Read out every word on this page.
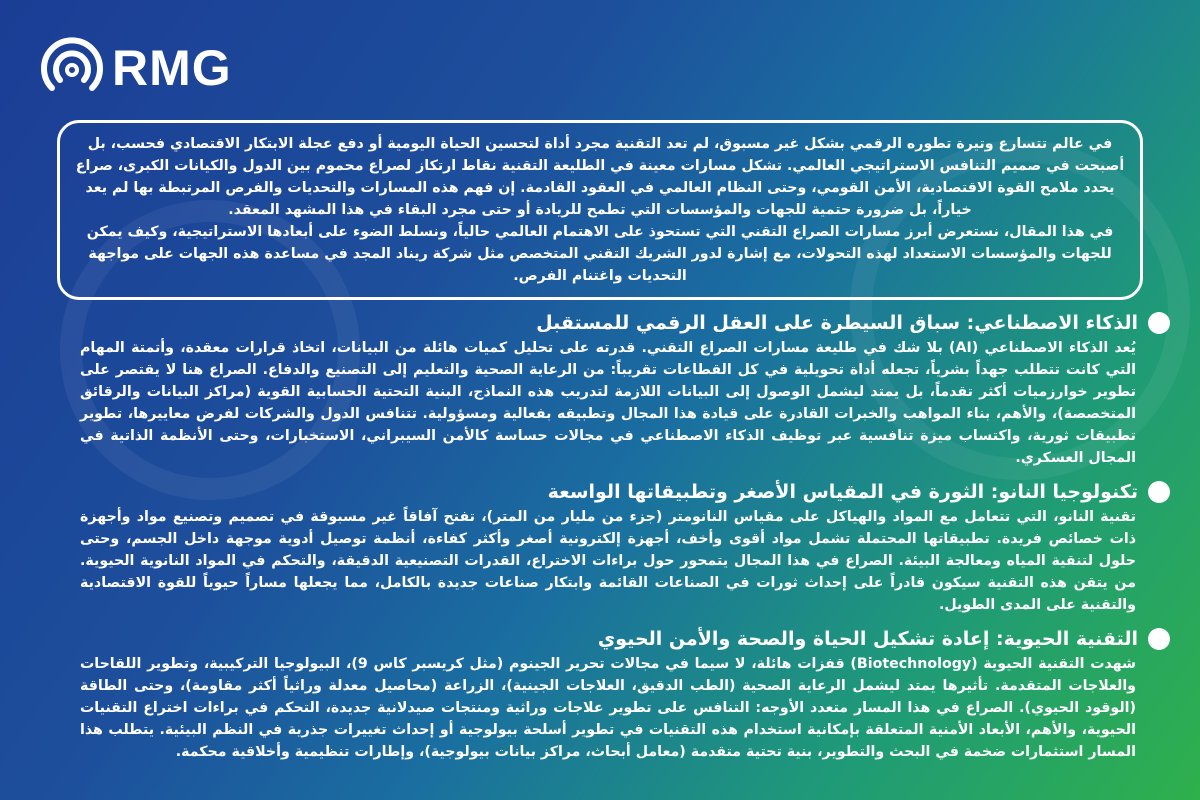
RMG

في عالم تتسارع وتيرة تطوره الرقمي بشكل غير مسبوق، لم تعد التقنية مجرد أداة لتحسين الحياة اليومية أو دفع عجلة الابتكار الاقتصادي فحسب، بل أصبحت في صميم التنافس الاستراتيجي العالمي. تشكل مسارات معينة في الطليعة التقنية نقاط ارتكاز لصراع محموم بين الدول والكيانات الكبرى، صراع يحدد ملامح القوة الاقتصادية، الأمن القومي، وحتى النظام العالمي في العقود القادمة. إن فهم هذه المسارات والتحديات والفرص المرتبطة بها لم يعد خياراً، بل ضرورة حتمية للجهات والمؤسسات التي تطمح للريادة أو حتى مجرد البقاء في هذا المشهد المعقد.

في هذا المقال، نستعرض أبرز مسارات الصراع التقني التي تستحوذ على الاهتمام العالمي حالياً، ونسلط الضوء على أبعادها الاستراتيجية، وكيف يمكن للجهات والمؤسسات الاستعداد لهذه التحولات، مع إشارة لدور الشريك التقني المتخصص مثل شركة ريناد المجد في مساعدة هذه الجهات على مواجهة التحديات واغتنام الفرص.

الذكاء الاصطناعي: سباق السيطرة على العقل الرقمي للمستقبل
يُعد الذكاء الاصطناعي (AI) بلا شك في طليعة مسارات الصراع التقني. قدرته على تحليل كميات هائلة من البيانات، اتخاذ قرارات معقدة، وأتمتة المهام التي كانت تتطلب جهداً بشرياً، تجعله أداة تحويلية في كل القطاعات تقريباً: من الرعاية الصحية والتعليم إلى التصنيع والدفاع. الصراع هنا لا يقتصر على تطوير خوارزميات أكثر تقدماً، بل يمتد ليشمل الوصول إلى البيانات اللازمة لتدريب هذه النماذج، البنية التحتية الحسابية القوية (مراكز البيانات والرقائق المتخصصة)، والأهم، بناء المواهب والخبرات القادرة على قيادة هذا المجال وتطبيقه بفعالية ومسؤولية. تتنافس الدول والشركات لفرض معاييرها، تطوير تطبيقات ثورية، واكتساب ميزة تنافسية عبر توظيف الذكاء الاصطناعي في مجالات حساسة كالأمن السيبراني، الاستخبارات، وحتى الأنظمة الذاتية في المجال العسكري.
تكنولوجيا النانو: الثورة في المقياس الأصغر وتطبيقاتها الواسعة
تقنية النانو، التي تتعامل مع المواد والهياكل على مقياس النانومتر (جزء من مليار من المتر)، تفتح آفاقاً غير مسبوقة في تصميم وتصنيع مواد وأجهزة ذات خصائص فريدة. تطبيقاتها المحتملة تشمل مواد أقوى وأخف، أجهزة إلكترونية أصغر وأكثر كفاءة، أنظمة توصيل أدوية موجهة داخل الجسم، وحتى حلول لتنقية المياه ومعالجة البيئة. الصراع في هذا المجال يتمحور حول براءات الاختراع، القدرات التصنيعية الدقيقة، والتحكم في المواد النانوية الحيوية. من يتقن هذه التقنية سيكون قادراً على إحداث ثورات في الصناعات القائمة وابتكار صناعات جديدة بالكامل، مما يجعلها مساراً حيوياً للقوة الاقتصادية والتقنية على المدى الطويل.
التقنية الحيوية: إعادة تشكيل الحياة والصحة والأمن الحيوي
شهدت التقنية الحيوية (Biotechnology) قفزات هائلة، لا سيما في مجالات تحرير الجينوم (مثل كريسبر كاس 9)، البيولوجيا التركيبية، وتطوير اللقاحات والعلاجات المتقدمة. تأثيرها يمتد ليشمل الرعاية الصحية (الطب الدقيق، العلاجات الجينية)، الزراعة (محاصيل معدلة وراثياً أكثر مقاومة)، وحتى الطاقة (الوقود الحيوي). الصراع في هذا المسار متعدد الأوجه: التنافس على تطوير علاجات وراثية ومنتجات صيدلانية جديدة، التحكم في براءات اختراع التقنيات الحيوية، والأهم، الأبعاد الأمنية المتعلقة بإمكانية استخدام هذه التقنيات في تطوير أسلحة بيولوجية أو إحداث تغييرات جذرية في النظم البيئية. يتطلب هذا المسار استثمارات ضخمة في البحث والتطوير، بنية تحتية متقدمة (معامل أبحاث، مراكز بيانات بيولوجية)، وإطارات تنظيمية وأخلاقية محكمة.
